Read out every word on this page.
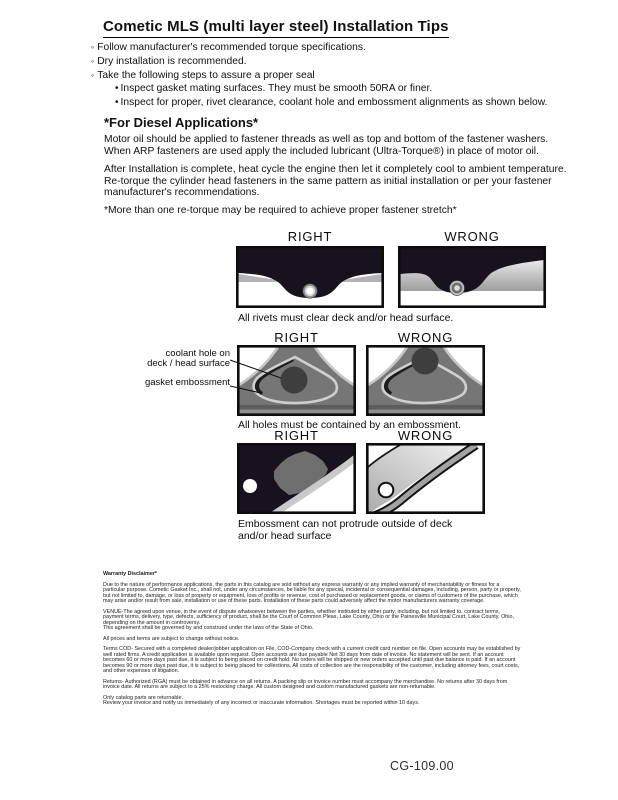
Cometic MLS (multi layer steel) Installation Tips
◦ Follow manufacturer's recommended torque specifications.
◦ Dry installation is recommended.
◦ Take the following steps to assure a proper seal
• Inspect gasket mating surfaces. They must be smooth 50RA or finer.
• Inspect for proper, rivet clearance, coolant hole and embossment alignments as shown below.
*For Diesel Applications*

Motor oil should be applied to fastener threads as well as top and bottom of the fastener washers. When ARP fasteners are used apply the included lubricant (Ultra-Torque®) in place of motor oil.

After Installation is complete, heat cycle the engine then let it completely cool to ambient temperature. Re-torque the cylinder head fasteners in the same pattern as initial installation or per your fastener manufacturer's recommendations.

*More than one re-torque may be required to achieve proper fastener stretch*

RIGHT	WRONG
All rivets must clear deck and/or head surface.
RIGHT	WRONG
coolant hole on
deck / head surface
gasket embossment
All holes must be contained by an embossment.
RIGHT	WRONG
Embossment can not protrude outside of deck
and/or head surface

Warranty Disclaimer*

Due to the nature of performance applications, the parts in this catalog are sold without any express warranty or any implied warranty of merchantability or fitness for a particular purpose. Cometic Gasket Inc., shall not, under any circumstances, be liable for any special, incidental or consequential damages, including, person, party or property, but not limited to, damage, or loss of property or equipment, loss of profits or revenue, cost of purchased or replacement goods, or claims of customers of the purchase, which may arise and/or result from sale, installation or use of these parts. Installation of these parts could adversely affect the motor manufacturers warranty coverage.

VENUE-The agreed upon venue, in the event of dispute whatsoever between the parties, whether instituted by either party, including, but not limited to, contract terms, payment terms, delivery, type, defects, sufficiency of product, shall be the Court of Common Pleas, Lake County, Ohio or the Painesville Municipal Court, Lake County, Ohio, depending on the amount in controversy.

This agreement shall be governed by and construed under the laws of the State of Ohio.

All prices and terms are subject to change without notice.

Terms COD- Secured with a completed dealer/jobber application on File, COD-Company check with a current credit card number on file. Open accounts may be established by well rated firms. A credit application is available upon request. Open accounts are due payable Net 30 days from date of invoice. No statement will be sent. If an account becomes 60 or more days past due, it is subject to being placed on credit hold. No orders will be shipped or new orders accepted until past due balance is paid. If an account becomes 90 or more days past due, it is subject to being placed for collections. All costs of collection are the responsibility of the customer, including attorney fees, court costs, and other expenses of litigation.

Returns- Authorized (RGA) must be obtained in advance on all returns. A packing slip or invoice number must accompany the merchandise. No returns after 30 days from invoice date. All returns are subject to a 25% restocking charge. All custom designed and custom manufactured gaskets are non-returnable.

Only catalog parts are returnable.

Review your invoice and notify us immediately of any incorrect or inaccurate information. Shortages must be reported within 10 days.

CG-109.00
